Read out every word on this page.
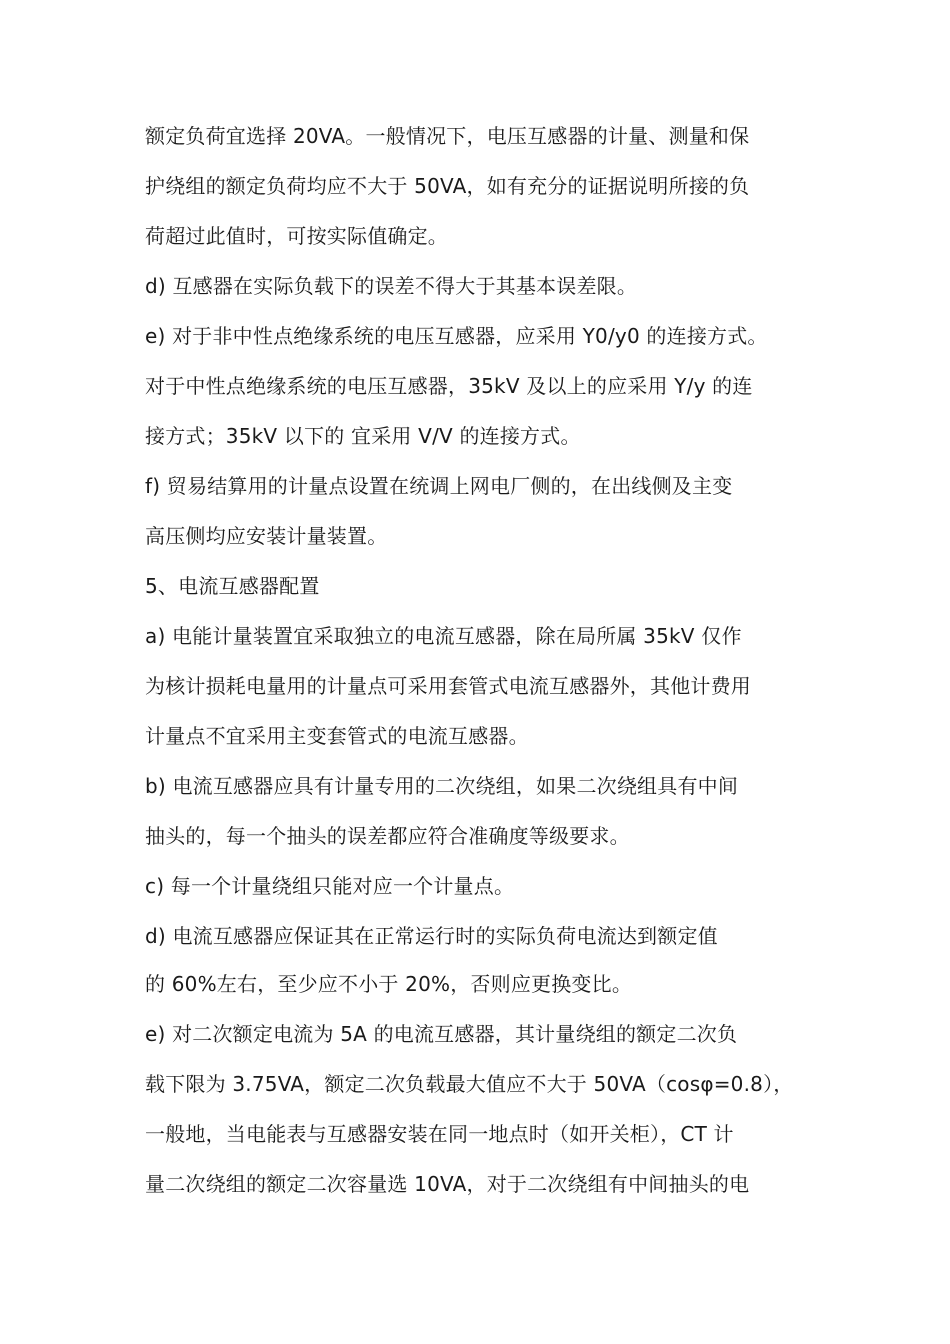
额定负荷宜选择 20VA。一般情况下，电压互感器的计量、测量和保
护绕组的额定负荷均应不大于 50VA，如有充分的证据说明所接的负
荷超过此值时，可按实际值确定。
d) 互感器在实际负载下的误差不得大于其基本误差限。
e) 对于非中性点绝缘系统的电压互感器，应采用 Y0/y0 的连接方式。
对于中性点绝缘系统的电压互感器，35kV 及以上的应采用 Y/y 的连
接方式；35kV 以下的 宜采用 V/V 的连接方式。
f) 贸易结算用的计量点设置在统调上网电厂侧的，在出线侧及主变
高压侧均应安装计量装置。
5、电流互感器配置
a) 电能计量装置宜采取独立的电流互感器，除在局所属 35kV 仅作
为核计损耗电量用的计量点可采用套管式电流互感器外，其他计费用
计量点不宜采用主变套管式的电流互感器。
b) 电流互感器应具有计量专用的二次绕组，如果二次绕组具有中间
抽头的，每一个抽头的误差都应符合准确度等级要求。
c) 每一个计量绕组只能对应一个计量点。
d) 电流互感器应保证其在正常运行时的实际负荷电流达到额定值
的 60%左右，至少应不小于 20%，否则应更换变比。
e) 对二次额定电流为 5A 的电流互感器，其计量绕组的额定二次负
载下限为 3.75VA，额定二次负载最大值应不大于 50VA（cosφ=0.8），
一般地，当电能表与互感器安装在同一地点时（如开关柜），CT 计
量二次绕组的额定二次容量选 10VA，对于二次绕组有中间抽头的电
